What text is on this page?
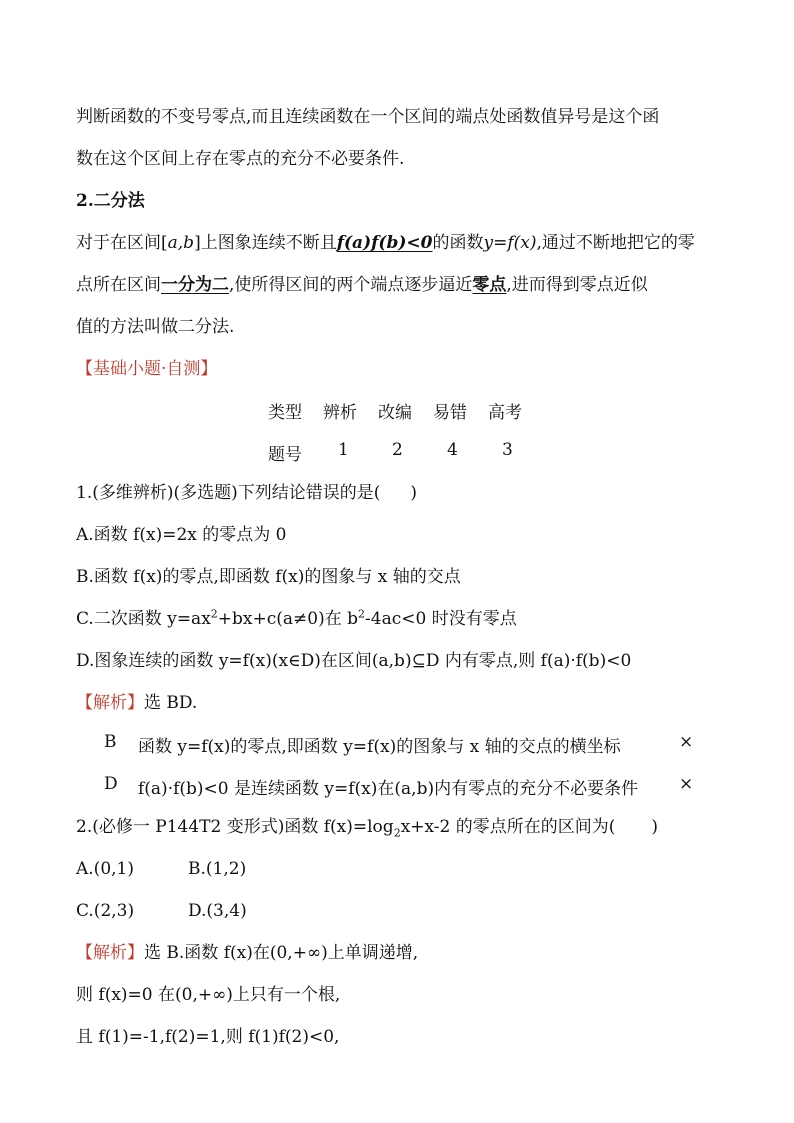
判断函数的不变号零点,而且连续函数在一个区间的端点处函数值异号是这个函
数在这个区间上存在零点的充分不必要条件.
2.二分法
对于在区间[a,b]上图象连续不断且f(a)f(b)<0的函数y=f(x),通过不断地把它的零
点所在区间一分为二,使所得区间的两个端点逐步逼近零点,进而得到零点近似
值的方法叫做二分法.
【基础小题·自测】
类型 辨析 改编 易错 高考
题号 1	2	4	3
1.(多维辨析)(多选题)下列结论错误的是( )
A.函数 f(x)=2x 的零点为 0
B.函数 f(x)的零点,即函数 f(x)的图象与 x 轴的交点
C.二次函数 $y=ax^2+bx+c(a\ne 0)$在 $b^2-4ac<0$ 时没有零点
D.图象连续的函数 y=f(x)(x∈D)在区间(a,b)⊆D 内有零点,则 f(a)·f(b)<0
【解析】选 BD.
B 函数 y=f(x)的零点,即函数 y=f(x)的图象与 x 轴的交点的横坐标	×
D f(a)·f(b)<0 是连续函数 y=f(x)在(a,b)内有零点的充分不必要条件 ×
2.(必修一 P144T2 变形式)函数 $f(x)=\log_2x+x-2$ 的零点所在的区间为( )
A.(0,1)	B.(1,2)
C.(2,3)	D.(3,4)
【解析】选 B.函数 f(x)在(0,+∞)上单调递增,
则 f(x)=0 在(0,+∞)上只有一个根,
且 f(1)=-1,f(2)=1,则 f(1)f(2)<0,
